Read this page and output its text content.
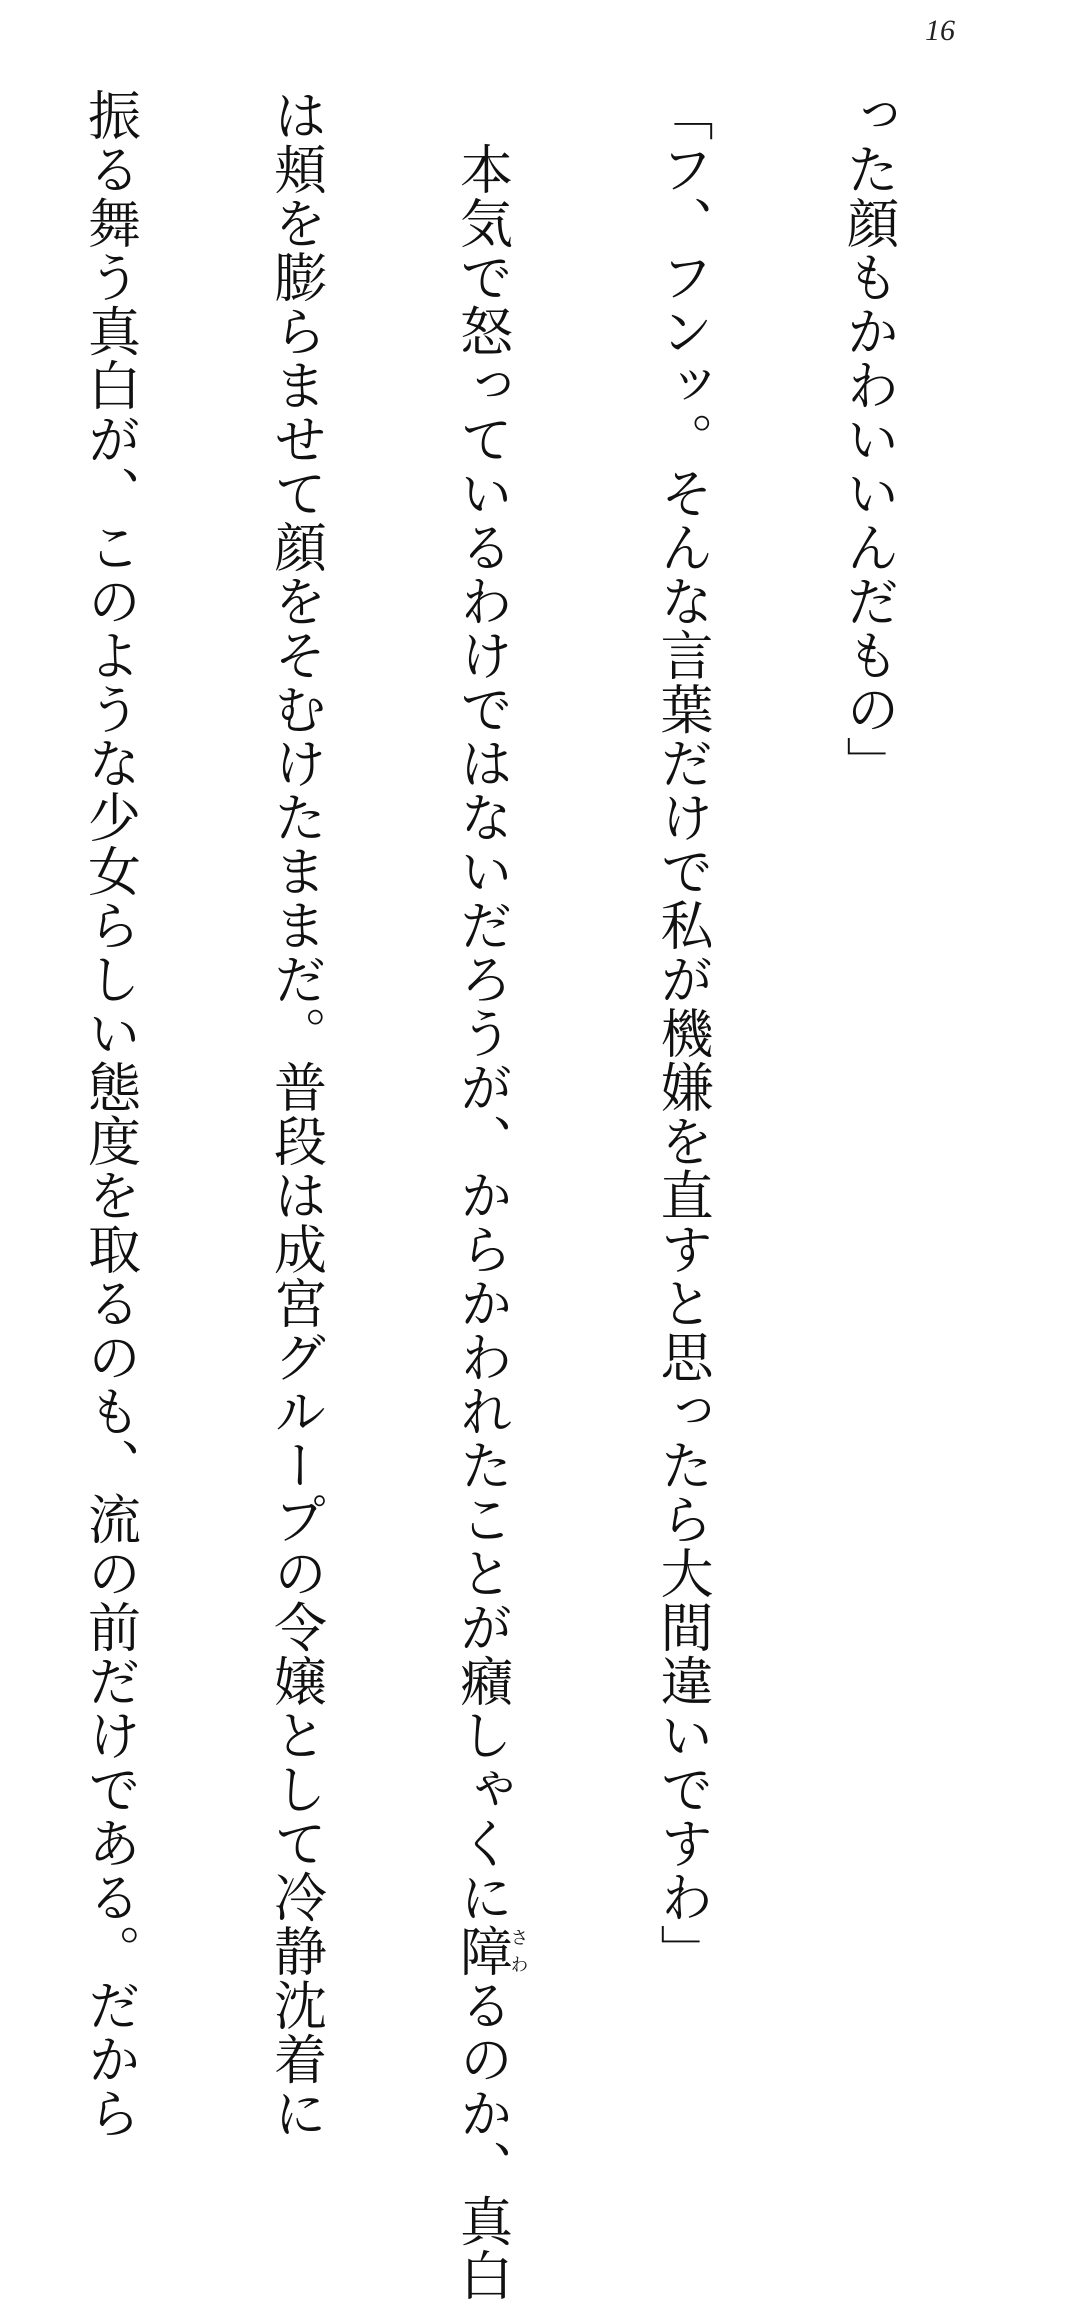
16

った顔もかわいいんだもの」

「フ、フンッ。そんな言葉だけで私が機嫌を直すと思ったら大間違いですわ」

　本気で怒っているわけではないだろうが、からかわれたことが癪しゃくに障さわるのか、真白

は頬を膨らませて顔をそむけたままだ。普段は成宮グループの令嬢として冷静沈着に

振る舞う真白が、このような少女らしい態度を取るのも、流の前だけである。だから
